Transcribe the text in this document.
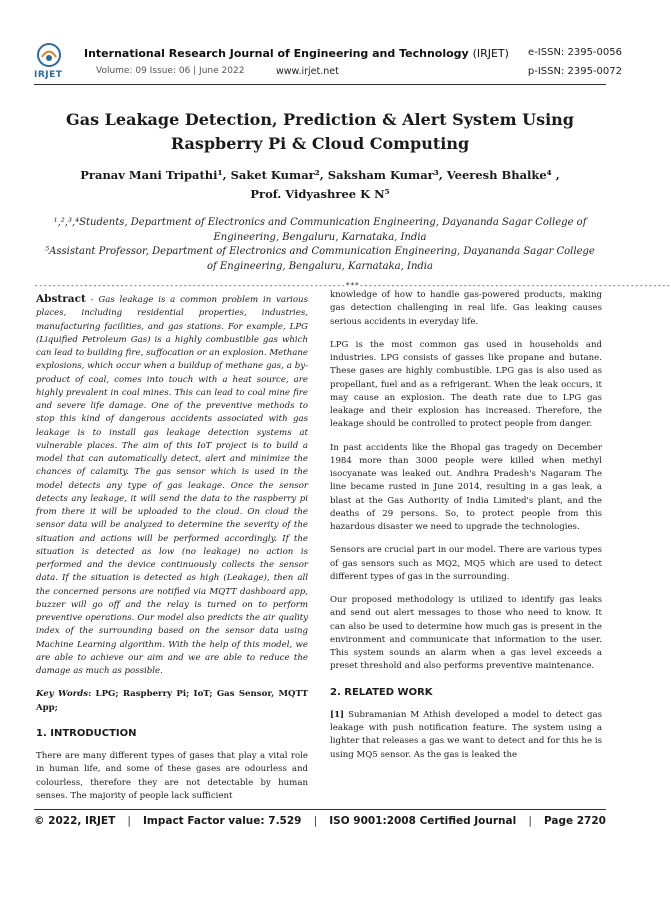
IRJET
International Research Journal of Engineering and Technology (IRJET) e-ISSN: 2395-0056
Volume: 09 Issue: 06 | June 2022	www.irjet.net	p-ISSN: 2395-0072
Gas Leakage Detection, Prediction & Alert System Using Raspberry Pi & Cloud Computing
Pranav Mani Tripathi¹, Saket Kumar², Saksham Kumar³, Veeresh Bhalke⁴ ,
Prof. Vidyashree K N⁵
¹,²,³,⁴Students, Department of Electronics and Communication Engineering, Dayananda Sagar College of Engineering, Bengaluru, Karnataka, India
⁵Assistant Professor, Department of Electronics and Communication Engineering, Dayananda Sagar College of Engineering, Bengaluru, Karnataka, India
---------------------------------------------------------------------***---------------------------------------------------------------------

Abstract - Gas leakage is a common problem in various places, including residential properties, industries, manufacturing facilities, and gas stations. For example, LPG (Liquified Petroleum Gas) is a highly combustible gas which can lead to building fire, suffocation or an explosion. Methane explosions, which occur when a buildup of methane gas, a by-product of coal, comes into touch with a heat source, are highly prevalent in coal mines. This can lead to coal mine fire and severe life damage. One of the preventive methods to stop this kind of dangerous accidents associated with gas leakage is to install gas leakage detection systems at vulnerable places. The aim of this IoT project is to build a model that can automatically detect, alert and minimize the chances of calamity. The gas sensor which is used in the model detects any type of gas leakage. Once the sensor detects any leakage, it will send the data to the raspberry pi from there it will be uploaded to the cloud. On cloud the sensor data will be analyzed to determine the severity of the situation and actions will be performed accordingly. If the situation is detected as low (no leakage) no action is performed and the device continuously collects the sensor data. If the situation is detected as high (Leakage), then all the concerned persons are notified via MQTT dashboard app, buzzer will go off and the relay is turned on to perform preventive operations. Our model also predicts the air quality index of the surrounding based on the sensor data using Machine Learning algorithm. With the help of this model, we are able to achieve our aim and we are able to reduce the damage as much as possible.

Key Words: LPG; Raspberry Pi; IoT; Gas Sensor, MQTT App;

1. INTRODUCTION

There are many different types of gases that play a vital role in human life, and some of these gases are odourless and colourless, therefore they are not detectable by human senses. The majority of people lack sufficient

knowledge of how to handle gas-powered products, making gas detection challenging in real life. Gas leaking causes serious accidents in everyday life.

LPG is the most common gas used in households and industries. LPG consists of gasses like propane and butane. These gases are highly combustible. LPG gas is also used as propellant, fuel and as a refrigerant. When the leak occurs, it may cause an explosion. The death rate due to LPG gas leakage and their explosion has increased. Therefore, the leakage should be controlled to protect people from danger.

In past accidents like the Bhopal gas tragedy on December 1984 more than 3000 people were killed when methyl isocyanate was leaked out. Andhra Pradesh's Nagaram The line became rusted in June 2014, resulting in a gas leak, a blast at the Gas Authority of India Limited's plant, and the deaths of 29 persons. So, to protect people from this hazardous disaster we need to upgrade the technologies.

Sensors are crucial part in our model. There are various types of gas sensors such as MQ2, MQ5 which are used to detect different types of gas in the surrounding.

Our proposed methodology is utilized to identify gas leaks and send out alert messages to those who need to know. It can also be used to determine how much gas is present in the environment and communicate that information to the user. This system sounds an alarm when a gas level exceeds a preset threshold and also performs preventive maintenance.

2. RELATED WORK

[1] Subramanian M Athish developed a model to detect gas leakage with push notification feature. The system using a lighter that releases a gas we want to detect and for this he is using MQ5 sensor. As the gas is leaked the

© 2022, IRJET | Impact Factor value: 7.529 | ISO 9001:2008 Certified Journal | Page 2720
